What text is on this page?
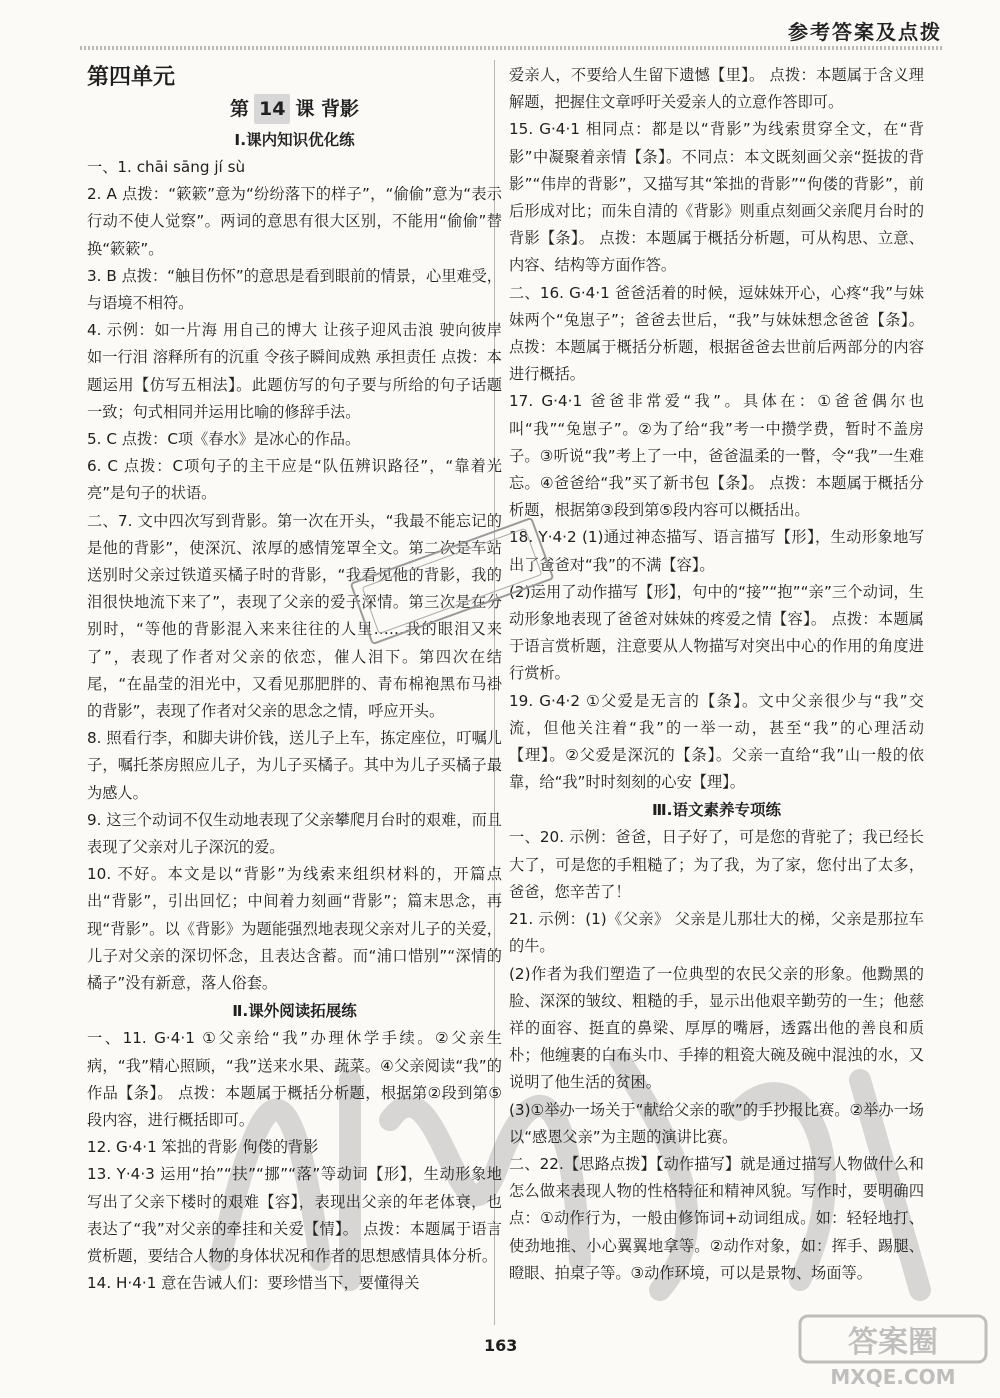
参考答案及点拨
第四单元
第 14 课 背影
Ⅰ.课内知识优化练

一、1. chāi sāng jí sù

2. A 点拨：“簌簌”意为“纷纷落下的样子”，“偷偷”意为“表示行动不使人觉察”。两词的意思有很大区别，不能用“偷偷”替换“簌簌”。

3. B 点拨：“触目伤怀”的意思是看到眼前的情景，心里难受，与语境不相符。

4. 示例：如一片海 用自己的博大 让孩子迎风击浪 驶向彼岸 如一行泪 溶释所有的沉重 令孩子瞬间成熟 承担责任 点拨：本题运用【仿写五相法】。此题仿写的句子要与所给的句子话题一致；句式相同并运用比喻的修辞手法。

5. C 点拨：C项《春水》是冰心的作品。

6. C 点拨：C项句子的主干应是“队伍辨识路径”，“靠着光亮”是句子的状语。

二、7. 文中四次写到背影。第一次在开头，“我最不能忘记的是他的背影”，使深沉、浓厚的感情笼罩全文。第二次是车站送别时父亲过铁道买橘子时的背影，“我看见他的背影，我的泪很快地流下来了”，表现了父亲的爱子深情。第三次是在分别时，“等他的背影混入来来往往的人里……我的眼泪又来了”，表现了作者对父亲的依恋，催人泪下。第四次在结尾，“在晶莹的泪光中，又看见那肥胖的、青布棉袍黑布马褂的背影”，表现了作者对父亲的思念之情，呼应开头。

8. 照看行李，和脚夫讲价钱，送儿子上车，拣定座位，叮嘱儿子，嘱托茶房照应儿子，为儿子买橘子。其中为儿子买橘子最为感人。

9. 这三个动词不仅生动地表现了父亲攀爬月台时的艰难，而且表现了父亲对儿子深沉的爱。

10. 不好。本文是以“背影”为线索来组织材料的，开篇点出“背影”，引出回忆；中间着力刻画“背影”；篇末思念，再现“背影”。以《背影》为题能强烈地表现父亲对儿子的关爱，儿子对父亲的深切怀念，且表达含蓄。而“浦口惜别”“深情的橘子”没有新意，落人俗套。

Ⅱ.课外阅读拓展练

一、11. G·4·1 ①父亲给“我”办理休学手续。②父亲生病，“我”精心照顾，“我”送来水果、蔬菜。④父亲阅读“我”的作品【条】。 点拨：本题属于概括分析题，根据第②段到第⑤段内容，进行概括即可。

12. G·4·1 笨拙的背影 佝偻的背影

13. Y·4·3 运用“抬”“扶”“挪”“落”等动词【形】，生动形象地写出了父亲下楼时的艰难【容】，表现出父亲的年老体衰，也表达了“我”对父亲的牵挂和关爱【情】。 点拨：本题属于语言赏析题，要结合人物的身体状况和作者的思想感情具体分析。

14. H·4·1 意在告诫人们：要珍惜当下，要懂得关

爱亲人，不要给人生留下遗憾【里】。 点拨：本题属于含义理解题，把握住文章呼吁关爱亲人的立意作答即可。

15. G·4·1 相同点：都是以“背影”为线索贯穿全文，在“背影”中凝聚着亲情【条】。不同点：本文既刻画父亲“挺拔的背影”“伟岸的背影”，又描写其“笨拙的背影”“佝偻的背影”，前后形成对比；而朱自清的《背影》则重点刻画父亲爬月台时的背影【条】。 点拨：本题属于概括分析题，可从构思、立意、内容、结构等方面作答。

二、16. G·4·1 爸爸活着的时候，逗妹妹开心，心疼“我”与妹妹两个“兔崽子”；爸爸去世后，“我”与妹妹想念爸爸【条】。 点拨：本题属于概括分析题，根据爸爸去世前后两部分的内容进行概括。

17. G·4·1 爸爸非常爱“我”。具体在：①爸爸偶尔也叫“我”“兔崽子”。②为了给“我”考一中攒学费，暂时不盖房子。③听说“我”考上了一中，爸爸温柔的一瞥，令“我”一生难忘。④爸爸给“我”买了新书包【条】。 点拨：本题属于概括分析题，根据第③段到第⑤段内容可以概括出。

18. Y·4·2 (1)通过神态描写、语言描写【形】，生动形象地写出了爸爸对“我”的不满【容】。

(2)运用了动作描写【形】，句中的“接”“抱”“亲”三个动词，生动形象地表现了爸爸对妹妹的疼爱之情【容】。 点拨：本题属于语言赏析题，注意要从人物描写对突出中心的作用的角度进行赏析。

19. G·4·2 ①父爱是无言的【条】。文中父亲很少与“我”交流，但他关注着“我”的一举一动，甚至“我”的心理活动【理】。②父爱是深沉的【条】。父亲一直给“我”山一般的依靠，给“我”时时刻刻的心安【理】。

Ⅲ.语文素养专项练

一、20. 示例：爸爸，日子好了，可是您的背驼了；我已经长大了，可是您的手粗糙了；为了我，为了家，您付出了太多，爸爸，您辛苦了！

21. 示例：(1)《父亲》 父亲是儿那壮大的梯，父亲是那拉车的牛。

(2)作者为我们塑造了一位典型的农民父亲的形象。他黝黑的脸、深深的皱纹、粗糙的手，显示出他艰辛勤劳的一生；他慈祥的面容、挺直的鼻梁、厚厚的嘴唇，透露出他的善良和质朴；他缠裹的白布头巾、手捧的粗瓷大碗及碗中混浊的水，又说明了他生活的贫困。

(3)①举办一场关于“献给父亲的歌”的手抄报比赛。②举办一场以“感恩父亲”为主题的演讲比赛。

二、22.【思路点拨】【动作描写】就是通过描写人物做什么和怎么做来表现人物的性格特征和精神风貌。写作时，要明确四点：①动作行为，一般由修饰词+动词组成。如：轻轻地打、使劲地推、小心翼翼地拿等。②动作对象，如：挥手、踢腿、瞪眼、拍桌子等。③动作环境，可以是景物、场面等。

答案圈
MXQE.COM
163
